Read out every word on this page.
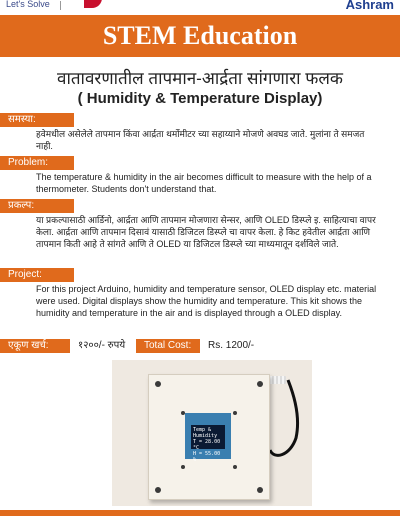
Let's Solve	Ashram
STEM Education
वातावरणातील तापमान-आर्द्रता सांगणारा फलक
( Humidity & Temperature Display)
समस्या:
हवेमधील असेलेले तापमान किंवा आर्द्रता थर्मोमीटर च्या सहाय्याने मोजणे अवघड जाते. मुलांना ते समजत नाही.
Problem:
The temperature & humidity in the air becomes difficult to measure with the help of a thermometer. Students don't understand that.
प्रकल्प:
या प्रकल्पासाठी आर्डिनो, आर्द्रता आणि तापमान मोजणारा सेन्सर, आणि OLED डिस्प्ले इ. साहित्याचा वापर केला. आर्द्रता आणि तापमान दिसावं यासाठी डिजिटल डिस्प्ले चा वापर केला. हे किट हवेतील आर्द्रता आणि तापमान किती आहे ते सांगते आणि ते OLED या डिजिटल डिस्प्ले च्या माध्यमातून दर्शविले जाते.
Project:
For this project Arduino, humidity and temperature sensor, OLED display etc. material were used. Digital displays show the humidity and temperature. This kit shows the humidity and temperature in the air and is displayed through a OLED display.
एकूण खर्च:	१२००/- रुपये	Total Cost:	Rs. 1200/-
Temp & Humidity
T = 28.00 °C
H = 55.00 %
